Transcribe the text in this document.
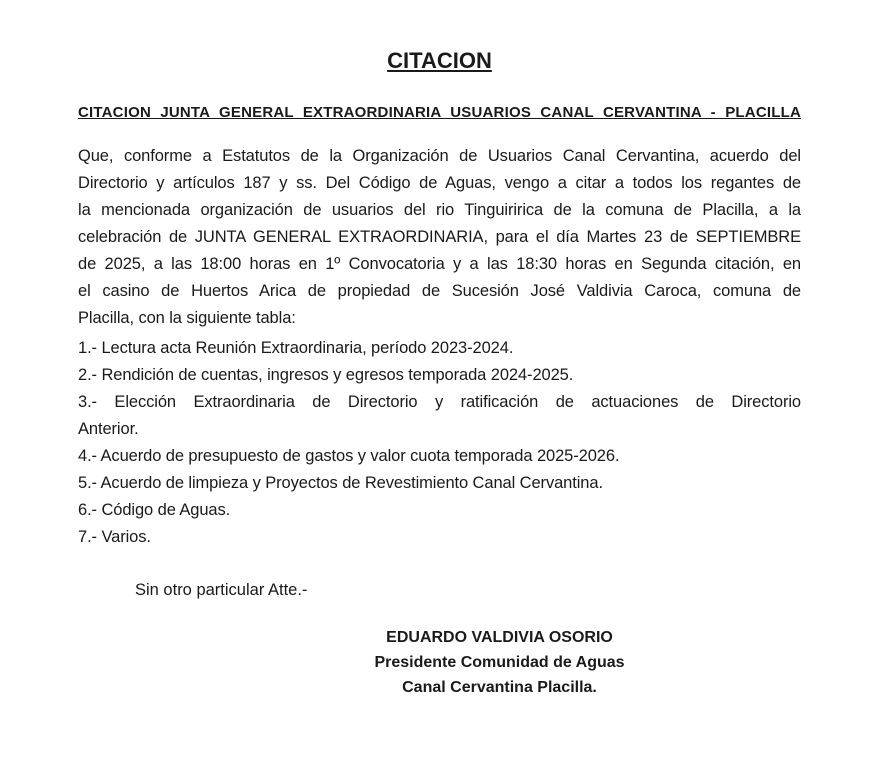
CITACION
CITACION JUNTA GENERAL EXTRAORDINARIA USUARIOS CANAL CERVANTINA - PLACILLA
Que, conforme a Estatutos de la Organización de Usuarios Canal Cervantina, acuerdo del
Directorio y artículos 187 y ss. Del Código de Aguas, vengo a citar a todos los regantes de
la mencionada organización de usuarios del rio Tinguiririca de la comuna de Placilla, a la
celebración de JUNTA GENERAL EXTRAORDINARIA, para el día Martes 23 de SEPTIEMBRE
de 2025, a las 18:00 horas en 1º Convocatoria y a las 18:30 horas en Segunda citación, en
el casino de Huertos Arica de propiedad de Sucesión José Valdivia Caroca, comuna de
Placilla, con la siguiente tabla:
1.- Lectura acta Reunión Extraordinaria, período 2023-2024.
2.- Rendición de cuentas, ingresos y egresos temporada 2024-2025.
3.- Elección Extraordinaria de Directorio y ratificación de actuaciones de Directorio
Anterior.
4.- Acuerdo de presupuesto de gastos y valor cuota temporada 2025-2026.
5.- Acuerdo de limpieza y Proyectos de Revestimiento Canal Cervantina.
6.- Código de Aguas.
7.- Varios.
Sin otro particular Atte.-
EDUARDO VALDIVIA OSORIO
Presidente Comunidad de Aguas
Canal Cervantina Placilla.
